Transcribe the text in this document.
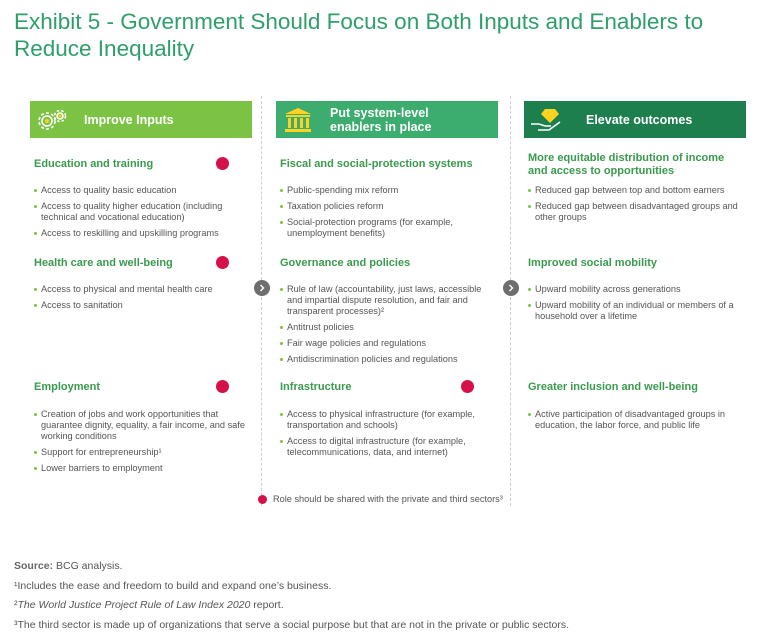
Exhibit 5 - Government Should Focus on Both Inputs and Enablers to Reduce Inequality
Improve Inputs
Education and training
Access to quality basic education
Access to quality higher education (including technical and vocational education)
Access to reskilling and upskilling programs
Health care and well-being
Access to physical and mental health care
Access to sanitation
Employment
Creation of jobs and work opportunities that guarantee dignity, equality, a fair income, and safe working conditions
Support for entrepreneurship¹
Lower barriers to employment
Put system-level
enablers in place
Fiscal and social-protection systems
Public-spending mix reform
Taxation policies reform
Social-protection programs (for example, unemployment benefits)
Governance and policies
Rule of law (accountability, just laws, accessible and impartial dispute resolution, and fair and transparent processes)²
Antitrust policies
Fair wage policies and regulations
Antidiscrimination policies and regulations
Infrastructure
Access to physical infrastructure (for example, transportation and schools)
Access to digital infrastructure (for example, telecommunications, data, and internet)
Elevate outcomes
More equitable distribution of income and access to opportunities
Reduced gap between top and bottom earners
Reduced gap between disadvantaged groups and other groups
Improved social mobility
Upward mobility across generations
Upward mobility of an individual or members of a household over a lifetime
Greater inclusion and well-being
Active participation of disadvantaged groups in education, the labor force, and public life
Role should be shared with the private and third sectors³
Source: BCG analysis.
¹Includes the ease and freedom to build and expand one’s business.
²The World Justice Project Rule of Law Index 2020 report.
³The third sector is made up of organizations that serve a social purpose but that are not in the private or public sectors.
